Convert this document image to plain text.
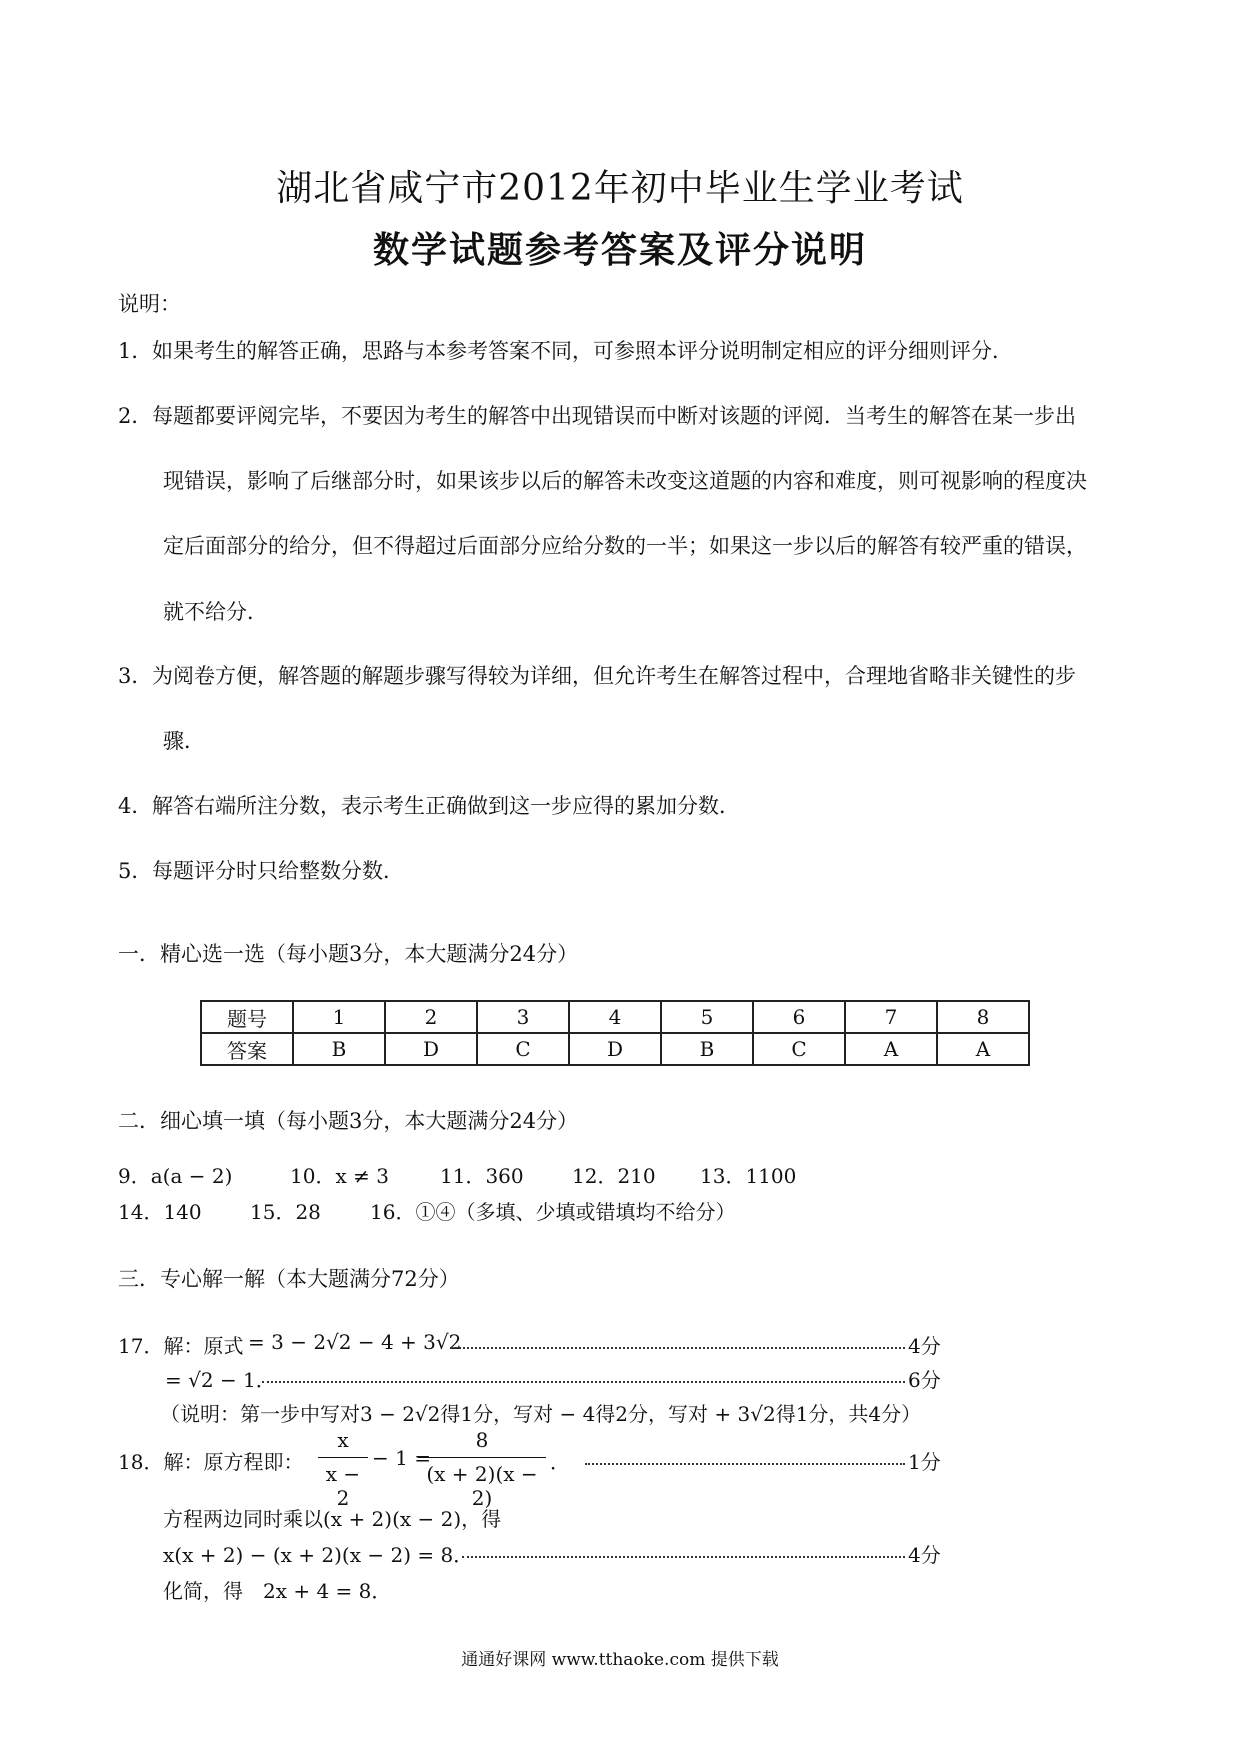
湖北省咸宁市2012年初中毕业生学业考试
数学试题参考答案及评分说明
说明：
1． 如果考生的解答正确，思路与本参考答案不同，可参照本评分说明制定相应的评分细则评分．
2． 每题都要评阅完毕，不要因为考生的解答中出现错误而中断对该题的评阅．当考生的解答在某一步出
现错误，影响了后继部分时，如果该步以后的解答未改变这道题的内容和难度，则可视影响的程度决
定后面部分的给分，但不得超过后面部分应给分数的一半；如果这一步以后的解答有较严重的错误，
就不给分．
3． 为阅卷方便，解答题的解题步骤写得较为详细，但允许考生在解答过程中，合理地省略非关键性的步
骤．
4． 解答右端所注分数，表示考生正确做到这一步应得的累加分数．
5． 每题评分时只给整数分数．
一．精心选一选（每小题3分，本大题满分24分）
题号	1	2	3	4	5	6	7	8
答案	B	D	C	D	B	C	A	A
二．细心填一填（每小题3分，本大题满分24分）
9．a(a − 2)	10．x ≠ 3	11．360 12．210 13．1100
14．140 15．28 16．①④（多填、少填或错填均不给分）
三．专心解一解（本大题满分72分）
17．解：原式 = 3 − 2√2 − 4 + 3√2	4分
= √2 − 1．	6分
（说明：第一步中写对3 − 2√2得1分，写对 − 4得2分，写对 + 3√2得1分，共4分）
18．解：原方程即：
x
x − 2
− 1 =
8
(x + 2)(x − 2)
．	1分
方程两边同时乘以(x + 2)(x − 2)，得
x(x + 2) − (x + 2)(x − 2) = 8．	4分
化简，得　2x + 4 = 8．
通通好课网 www.tthaoke.com 提供下载
